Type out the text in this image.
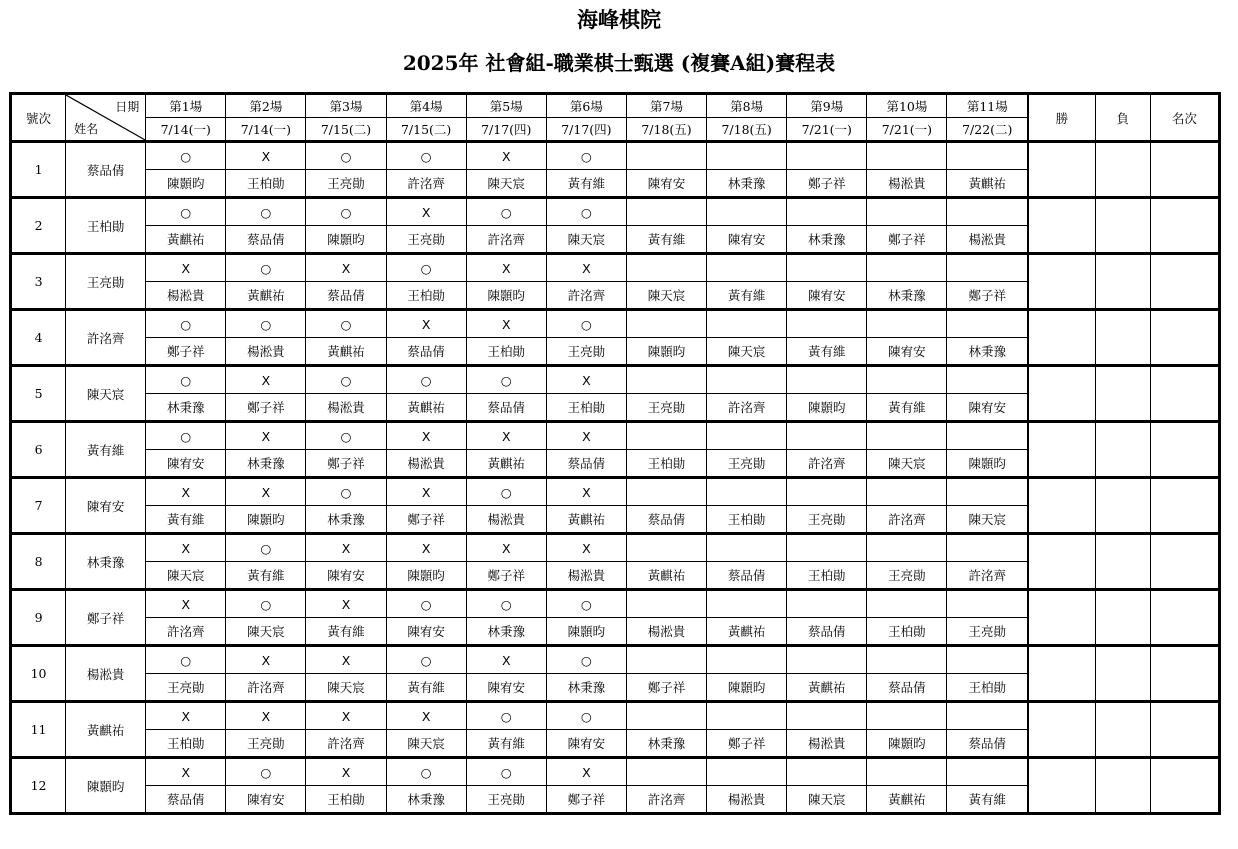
海峰棋院
2025年 社會組-職業棋士甄選 (複賽A組)賽程表
號次	日期
姓名	第1場	第2場	第3場	第4場	第5場	第6場	第7場	第8場	第9場	第10場	第11場	勝	負	名次
		7/14(一)	7/14(一)	7/15(二)	7/15(二)	7/17(四)	7/17(四)	7/18(五)	7/18(五)	7/21(一)	7/21(一)	7/22(二)			
1	蔡品倩	○	X	○	○	X	○								
		陳顥昀	王柏勛	王亮勛	許洺齊	陳天宸	黃有維	陳宥安	林秉豫	鄭子祥	楊淞貴	黃麒祐			
2	王柏勛	○	○	○	X	○	○								
		黃麒祐	蔡品倩	陳顥昀	王亮勛	許洺齊	陳天宸	黃有維	陳宥安	林秉豫	鄭子祥	楊淞貴			
3	王亮勛	X	○	X	○	X	X								
		楊淞貴	黃麒祐	蔡品倩	王柏勛	陳顥昀	許洺齊	陳天宸	黃有維	陳宥安	林秉豫	鄭子祥			
4	許洺齊	○	○	○	X	X	○								
		鄭子祥	楊淞貴	黃麒祐	蔡品倩	王柏勛	王亮勛	陳顥昀	陳天宸	黃有維	陳宥安	林秉豫			
5	陳天宸	○	X	○	○	○	X								
		林秉豫	鄭子祥	楊淞貴	黃麒祐	蔡品倩	王柏勛	王亮勛	許洺齊	陳顥昀	黃有維	陳宥安			
6	黃有維	○	X	○	X	X	X								
		陳宥安	林秉豫	鄭子祥	楊淞貴	黃麒祐	蔡品倩	王柏勛	王亮勛	許洺齊	陳天宸	陳顥昀			
7	陳宥安	X	X	○	X	○	X								
		黃有維	陳顥昀	林秉豫	鄭子祥	楊淞貴	黃麒祐	蔡品倩	王柏勛	王亮勛	許洺齊	陳天宸			
8	林秉豫	X	○	X	X	X	X								
		陳天宸	黃有維	陳宥安	陳顥昀	鄭子祥	楊淞貴	黃麒祐	蔡品倩	王柏勛	王亮勛	許洺齊			
9	鄭子祥	X	○	X	○	○	○								
		許洺齊	陳天宸	黃有維	陳宥安	林秉豫	陳顥昀	楊淞貴	黃麒祐	蔡品倩	王柏勛	王亮勛			
10	楊淞貴	○	X	X	○	X	○								
		王亮勛	許洺齊	陳天宸	黃有維	陳宥安	林秉豫	鄭子祥	陳顥昀	黃麒祐	蔡品倩	王柏勛			
11	黃麒祐	X	X	X	X	○	○								
		王柏勛	王亮勛	許洺齊	陳天宸	黃有維	陳宥安	林秉豫	鄭子祥	楊淞貴	陳顥昀	蔡品倩			
12	陳顥昀	X	○	X	○	○	X								
		蔡品倩	陳宥安	王柏勛	林秉豫	王亮勛	鄭子祥	許洺齊	楊淞貴	陳天宸	黃麒祐	黃有維			
